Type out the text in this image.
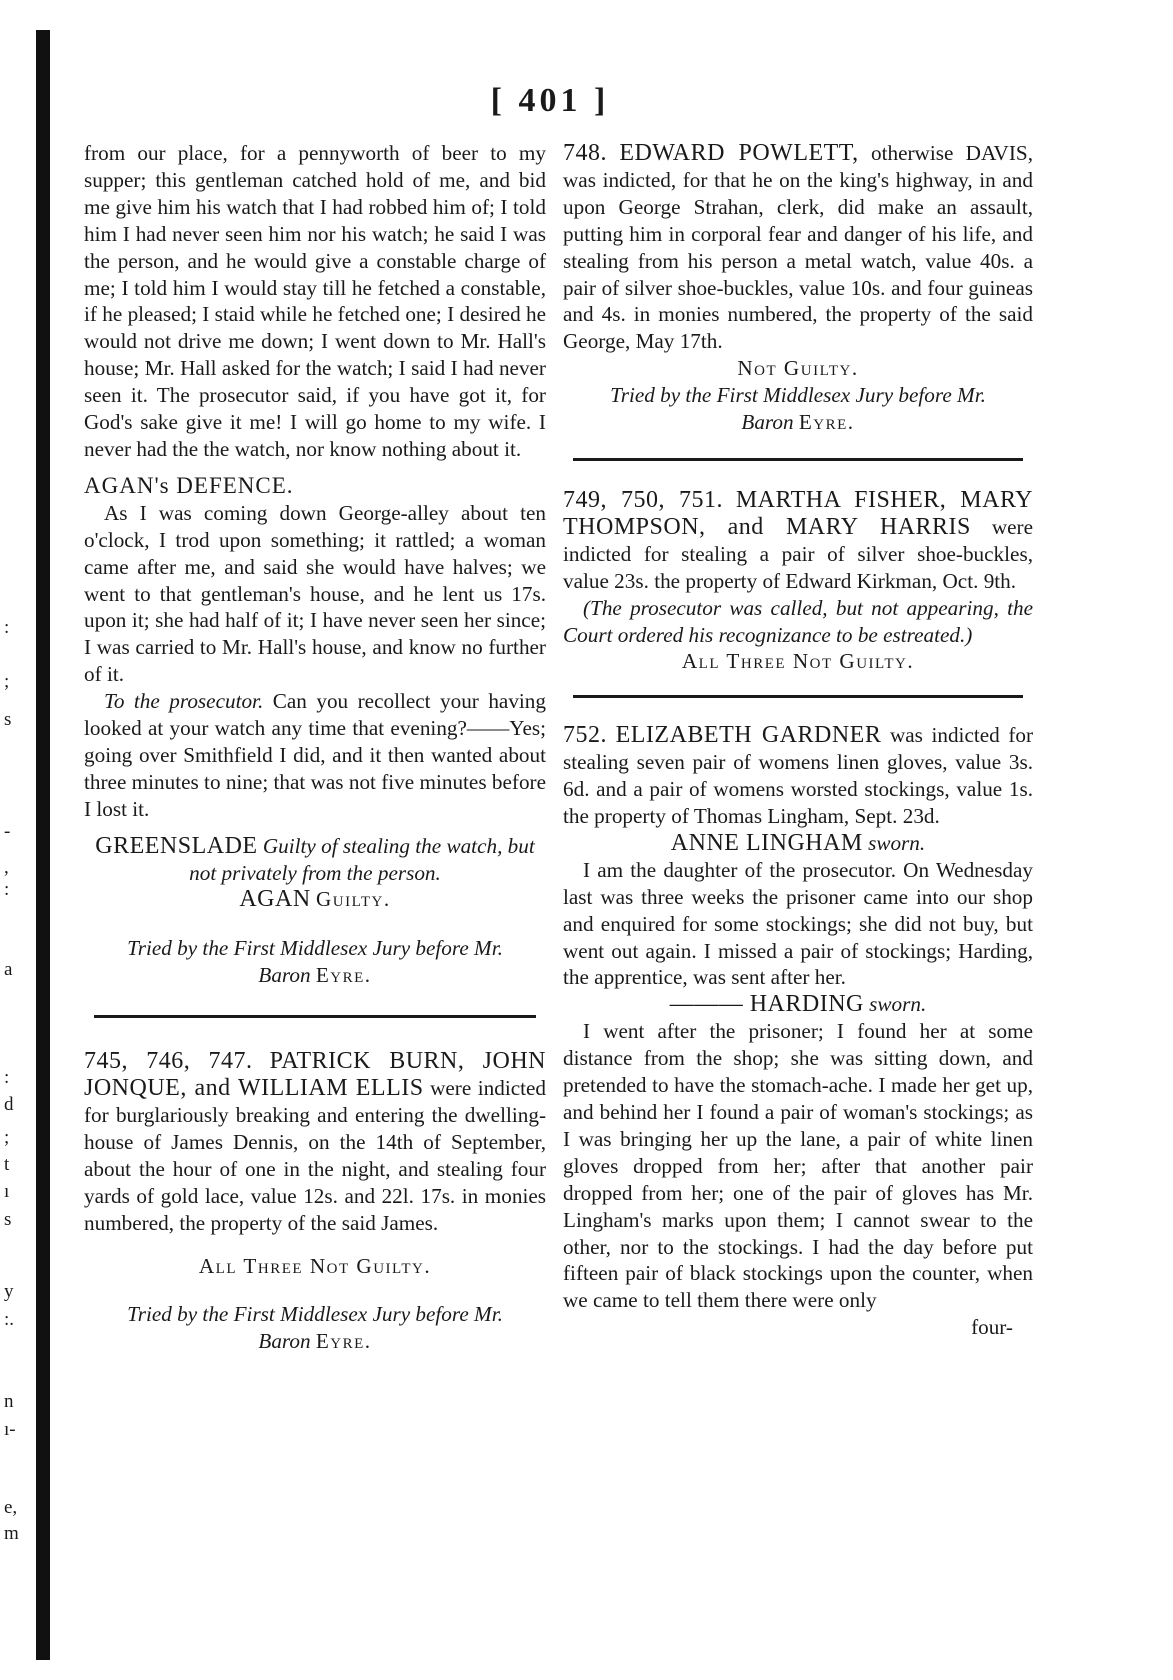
:
;
s
-
,
:
a
:
d
;
t
ı
s
y
:.
n
ı-
e,
m
[ 401 ]

from our place, for a pennyworth of beer to my supper; this gentleman catched hold of me, and bid me give him his watch that I had robbed him of; I told him I had never seen him nor his watch; he said I was the person, and he would give a constable charge of me; I told him I would stay till he fetched a constable, if he pleased; I staid while he fetched one; I desired he would not drive me down; I went down to Mr. Hall's house; Mr. Hall asked for the watch; I said I had never seen it. The prosecutor said, if you have got it, for God's sake give it me! I will go home to my wife. I never had the the watch, nor know nothing about it.

AGAN's DEFENCE.

As I was coming down George-alley about ten o'clock, I trod upon something; it rattled; a woman came after me, and said she would have halves; we went to that gentleman's house, and he lent us 17s. upon it; she had half of it; I have never seen her since; I was carried to Mr. Hall's house, and know no further of it.

To the prosecutor. Can you recollect your having looked at your watch any time that evening?——Yes; going over Smithfield I did, and it then wanted about three minutes to nine; that was not five minutes before I lost it.

GREENSLADE Guilty of stealing the watch, but not privately from the person.

AGAN Guilty.

Tried by the First Middlesex Jury before Mr.

Baron Eyre.

745, 746, 747. PATRICK BURN, JOHN JONQUE, and WILLIAM ELLIS were indicted for burglariously breaking and entering the dwelling-house of James Dennis, on the 14th of September, about the hour of one in the night, and stealing four yards of gold lace, value 12s. and 22l. 17s. in monies numbered, the property of the said James.

All Three Not Guilty.

Tried by the First Middlesex Jury before Mr.

Baron Eyre.

748. EDWARD POWLETT, otherwise DAVIS, was indicted, for that he on the king's highway, in and upon George Strahan, clerk, did make an assault, putting him in corporal fear and danger of his life, and stealing from his person a metal watch, value 40s. a pair of silver shoe-buckles, value 10s. and four guineas and 4s. in monies numbered, the property of the said George, May 17th.

Not Guilty.

Tried by the First Middlesex Jury before Mr.

Baron Eyre.

749, 750, 751. MARTHA FISHER, MARY THOMPSON, and MARY HARRIS were indicted for stealing a pair of silver shoe-buckles, value 23s. the property of Edward Kirkman, Oct. 9th.

(The prosecutor was called, but not appearing, the Court ordered his recognizance to be estreated.)

All Three Not Guilty.

752. ELIZABETH GARDNER was indicted for stealing seven pair of womens linen gloves, value 3s. 6d. and a pair of womens worsted stockings, value 1s. the property of Thomas Lingham, Sept. 23d.

ANNE LINGHAM sworn.

I am the daughter of the prosecutor. On Wednesday last was three weeks the prisoner came into our shop and enquired for some stockings; she did not buy, but went out again. I missed a pair of stockings; Harding, the apprentice, was sent after her.

——— HARDING sworn.

I went after the prisoner; I found her at some distance from the shop; she was sitting down, and pretended to have the stomach-ache. I made her get up, and behind her I found a pair of woman's stockings; as I was bringing her up the lane, a pair of white linen gloves dropped from her; after that another pair dropped from her; one of the pair of gloves has Mr. Lingham's marks upon them; I cannot swear to the other, nor to the stockings. I had the day before put fifteen pair of black stockings upon the counter, when we came to tell them there were only

four-
